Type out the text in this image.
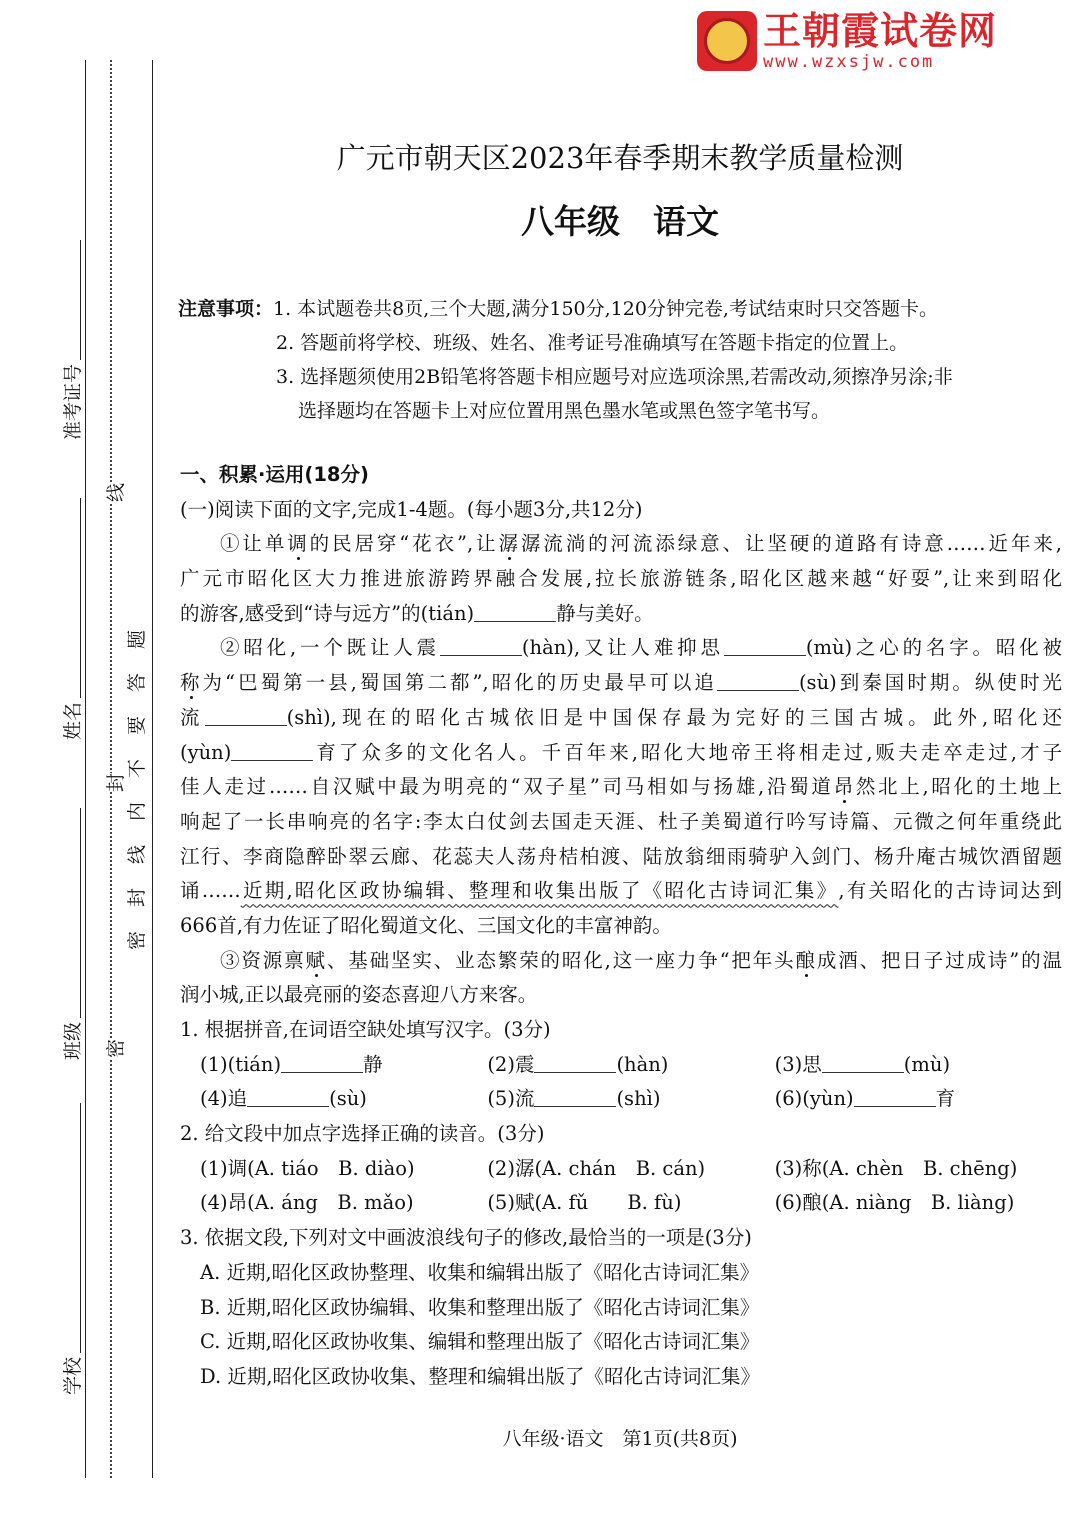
王朝霞试卷网
www.wzxsjw.com
准考证号
姓名
班级
学校
线
封
密
密封线内不要答题
广元市朝天区2023年春季期末教学质量检测
八年级　语文
注意事项：1. 本试题卷共8页,三个大题,满分150分,120分钟完卷,考试结束时只交答题卡。
2. 答题前将学校、班级、姓名、准考证号准确填写在答题卡指定的位置上。
3. 选择题须使用2B铅笔将答题卡相应题号对应选项涂黑,若需改动,须擦净另涂;非
选择题均在答题卡上对应位置用黑色墨水笔或黑色签字笔书写。
一、积累·运用(18分)
(一)阅读下面的文字,完成1-4题。(每小题3分,共12分)
①让单调的民居穿“花衣”,让潺潺流淌的河流添绿意、让坚硬的道路有诗意……近年来,
广元市昭化区大力推进旅游跨界融合发展,拉长旅游链条,昭化区越来越“好耍”,让来到昭化
的游客,感受到“诗与远方”的(tián)	静与美好。
②昭化,一个既让人震	(hàn),又让人难抑思	(mù)之心的名字。昭化被
称为“巴蜀第一县,蜀国第二都”,昭化的历史最早可以追	(sù)到秦国时期。纵使时光
流	(shì),现在的昭化古城依旧是中国保存最为完好的三国古城。此外,昭化还
(yùn)	育了众多的文化名人。千百年来,昭化大地帝王将相走过,贩夫走卒走过,才子
佳人走过……自汉赋中最为明亮的“双子星”司马相如与扬雄,沿蜀道昂然北上,昭化的土地上
响起了一长串响亮的名字:李太白仗剑去国走天涯、杜子美蜀道行吟写诗篇、元微之何年重绕此
江行、李商隐醉卧翠云廊、花蕊夫人荡舟桔柏渡、陆放翁细雨骑驴入剑门、杨升庵古城饮酒留题
诵……近期,昭化区政协编辑、整理和收集出版了《昭化古诗词汇集》,有关昭化的古诗词达到
666首,有力佐证了昭化蜀道文化、三国文化的丰富神韵。
③资源禀赋、基础坚实、业态繁荣的昭化,这一座力争“把年头酿成酒、把日子过成诗”的温
润小城,正以最亮丽的姿态喜迎八方来客。
1. 根据拼音,在词语空缺处填写汉字。(3分)
(1)(tián)	静	(2)震	(hàn)	(3)思	(mù)
(4)追	(sù)	(5)流	(shì)	(6)(yùn)	育
2. 给文段中加点字选择正确的读音。(3分)
(1)调(A. tiáo　B. diào)	(2)潺(A. chán　B. cán)	(3)称(A. chèn　B. chēng)
(4)昂(A. áng　B. mǎo)	(5)赋(A. fǔ　　B. fù)	(6)酿(A. niàng　B. liàng)
3. 依据文段,下列对文中画波浪线句子的修改,最恰当的一项是(3分)
A. 近期,昭化区政协整理、收集和编辑出版了《昭化古诗词汇集》
B. 近期,昭化区政协编辑、收集和整理出版了《昭化古诗词汇集》
C. 近期,昭化区政协收集、编辑和整理出版了《昭化古诗词汇集》
D. 近期,昭化区政协收集、整理和编辑出版了《昭化古诗词汇集》
八年级·语文　第1页(共8页)
